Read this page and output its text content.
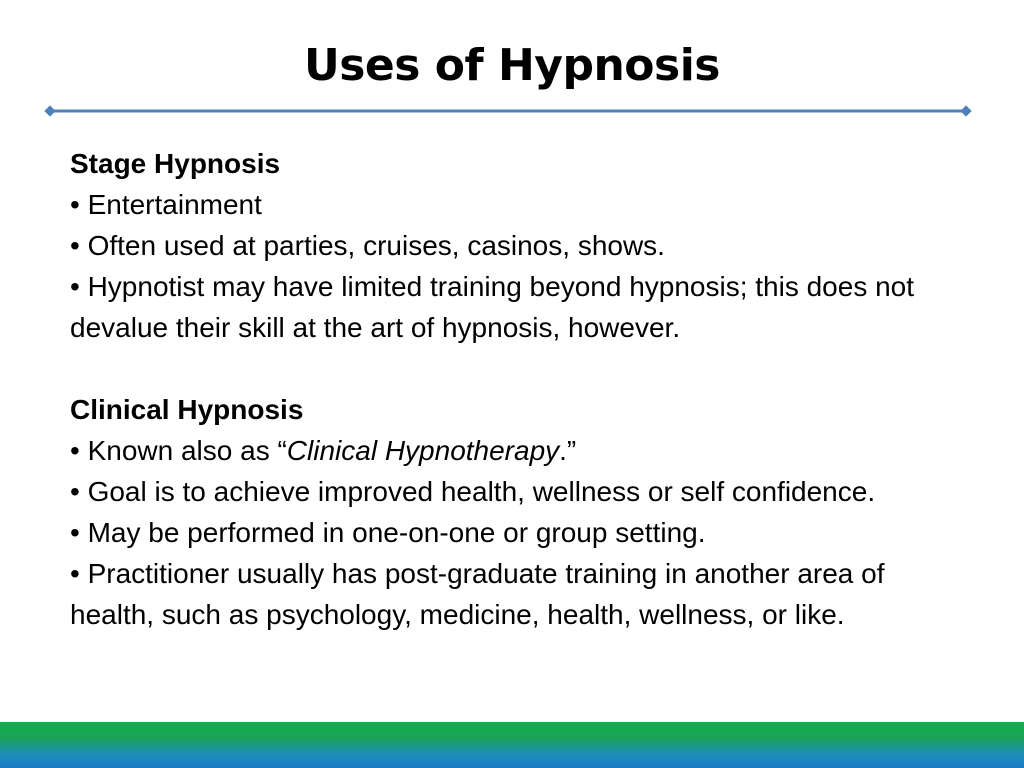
Uses of Hypnosis

Stage Hypnosis

• Entertainment

• Often used at parties, cruises, casinos, shows.

• Hypnotist may have limited training beyond hypnosis; this does not devalue their skill at the art of hypnosis, however.

Clinical Hypnosis

• Known also as “Clinical Hypnotherapy.”

• Goal is to achieve improved health, wellness or self confidence.

• May be performed in one-on-one or group setting.

• Practitioner usually has post-graduate training in another area of health, such as psychology, medicine, health, wellness, or like.
